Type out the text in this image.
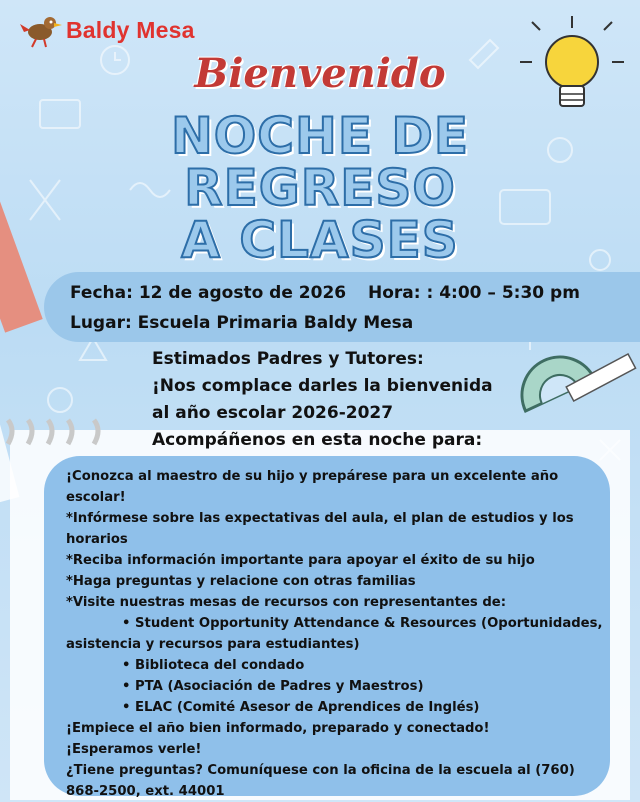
Baldy Mesa
Bienvenido
NOCHE DE
REGRESO
A CLASES
Fecha: 12 de agosto de 2026 Hora: : 4:00 – 5:30 pm
Lugar: Escuela Primaria Baldy Mesa
Estimados Padres y Tutores:
¡Nos complace darles la bienvenida
al año escolar 2026-2027
Acompáñenos en esta noche para:
¡Conozca al maestro de su hijo y prepárese para un excelente año escolar!
*Infórmese sobre las expectativas del aula, el plan de estudios y los horarios
*Reciba información importante para apoyar el éxito de su hijo
*Haga preguntas y relacione con otras familias
*Visite nuestras mesas de recursos con representantes de:
• Student Opportunity Attendance & Resources (Oportunidades, asistencia y recursos para estudiantes)
• Biblioteca del condado
• PTA (Asociación de Padres y Maestros)
• ELAC (Comité Asesor de Aprendices de Inglés)
¡Empiece el año bien informado, preparado y conectado!
¡Esperamos verle!
¿Tiene preguntas? Comuníquese con la oficina de la escuela al (760) 868-2500, ext. 44001
